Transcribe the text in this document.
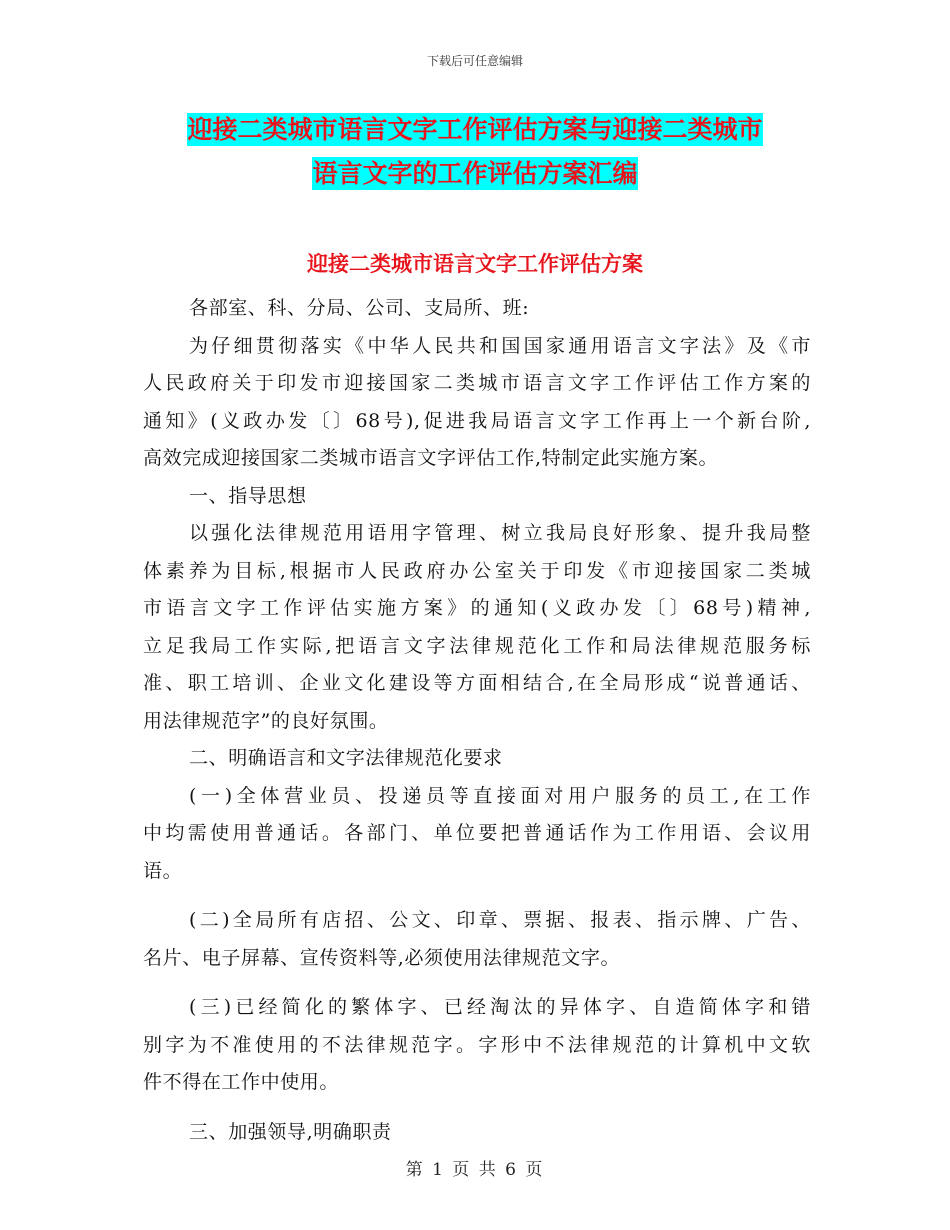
下载后可任意编辑
迎接二类城市语言文字工作评估方案与迎接二类城市
语言文字的工作评估方案汇编
迎接二类城市语言文字工作评估方案
各部室、科、分局、公司、支局所、班:
为仔细贯彻落实《中华人民共和国国家通用语言文字法》及《市
人民政府关于印发市迎接国家二类城市语言文字工作评估工作方案的
通知》(义政办发〔〕68号),促进我局语言文字工作再上一个新台阶,
高效完成迎接国家二类城市语言文字评估工作,特制定此实施方案。
一、指导思想
以强化法律规范用语用字管理、树立我局良好形象、提升我局整
体素养为目标,根据市人民政府办公室关于印发《市迎接国家二类城
市语言文字工作评估实施方案》的通知(义政办发〔〕68号)精神,
立足我局工作实际,把语言文字法律规范化工作和局法律规范服务标
准、职工培训、企业文化建设等方面相结合,在全局形成“说普通话、
用法律规范字”的良好氛围。
二、明确语言和文字法律规范化要求
(一)全体营业员、投递员等直接面对用户服务的员工,在工作
中均需使用普通话。各部门、单位要把普通话作为工作用语、会议用
语。
(二)全局所有店招、公文、印章、票据、报表、指示牌、广告、
名片、电子屏幕、宣传资料等,必须使用法律规范文字。
(三)已经简化的繁体字、已经淘汰的异体字、自造简体字和错
别字为不准使用的不法律规范字。字形中不法律规范的计算机中文软
件不得在工作中使用。
三、加强领导,明确职责
第 1 页 共 6 页
